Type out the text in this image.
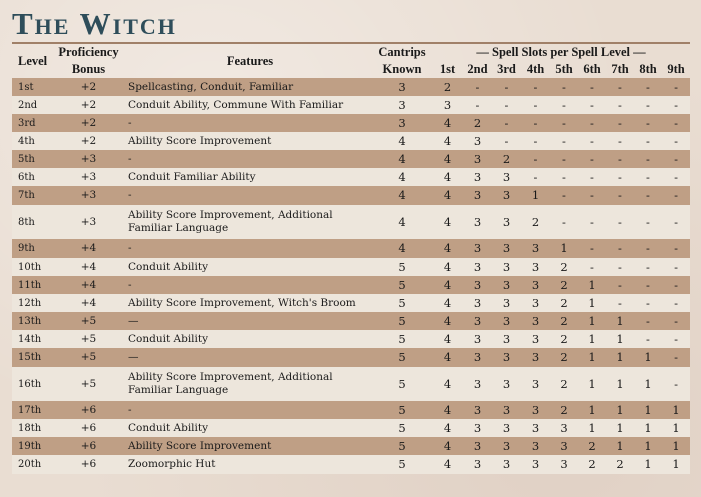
The Witch
Level	Proficiency	Features	Cantrips	— Spell Slots per Spell Level —								
	Bonus		Known	1st	2nd	3rd	4th	5th	6th	7th	8th	9th
1st	+2	Spellcasting, Conduit, Familiar	3	2	-	-	-	-	-	-	-	-
2nd	+2	Conduit Ability, Commune With Familiar	3	3	-	-	-	-	-	-	-	-
3rd	+2	-	3	4	2	-	-	-	-	-	-	-
4th	+2	Ability Score Improvement	4	4	3	-	-	-	-	-	-	-
5th	+3	-	4	4	3	2	-	-	-	-	-	-
6th	+3	Conduit Familiar Ability	4	4	3	3	-	-	-	-	-	-
7th	+3	-	4	4	3	3	1	-	-	-	-	-
8th	+3	Ability Score Improvement, Additional Familiar Language	4	4	3	3	2	-	-	-	-	-
9th	+4	-	4	4	3	3	3	1	-	-	-	-
10th	+4	Conduit Ability	5	4	3	3	3	2	-	-	-	-
11th	+4	-	5	4	3	3	3	2	1	-	-	-
12th	+4	Ability Score Improvement, Witch's Broom	5	4	3	3	3	2	1	-	-	-
13th	+5	—	5	4	3	3	3	2	1	1	-	-
14th	+5	Conduit Ability	5	4	3	3	3	2	1	1	-	-
15th	+5	—	5	4	3	3	3	2	1	1	1	-
16th	+5	Ability Score Improvement, Additional Familiar Language	5	4	3	3	3	2	1	1	1	-
17th	+6	-	5	4	3	3	3	2	1	1	1	1
18th	+6	Conduit Ability	5	4	3	3	3	3	1	1	1	1
19th	+6	Ability Score Improvement	5	4	3	3	3	3	2	1	1	1
20th	+6	Zoomorphic Hut	5	4	3	3	3	3	2	2	1	1
